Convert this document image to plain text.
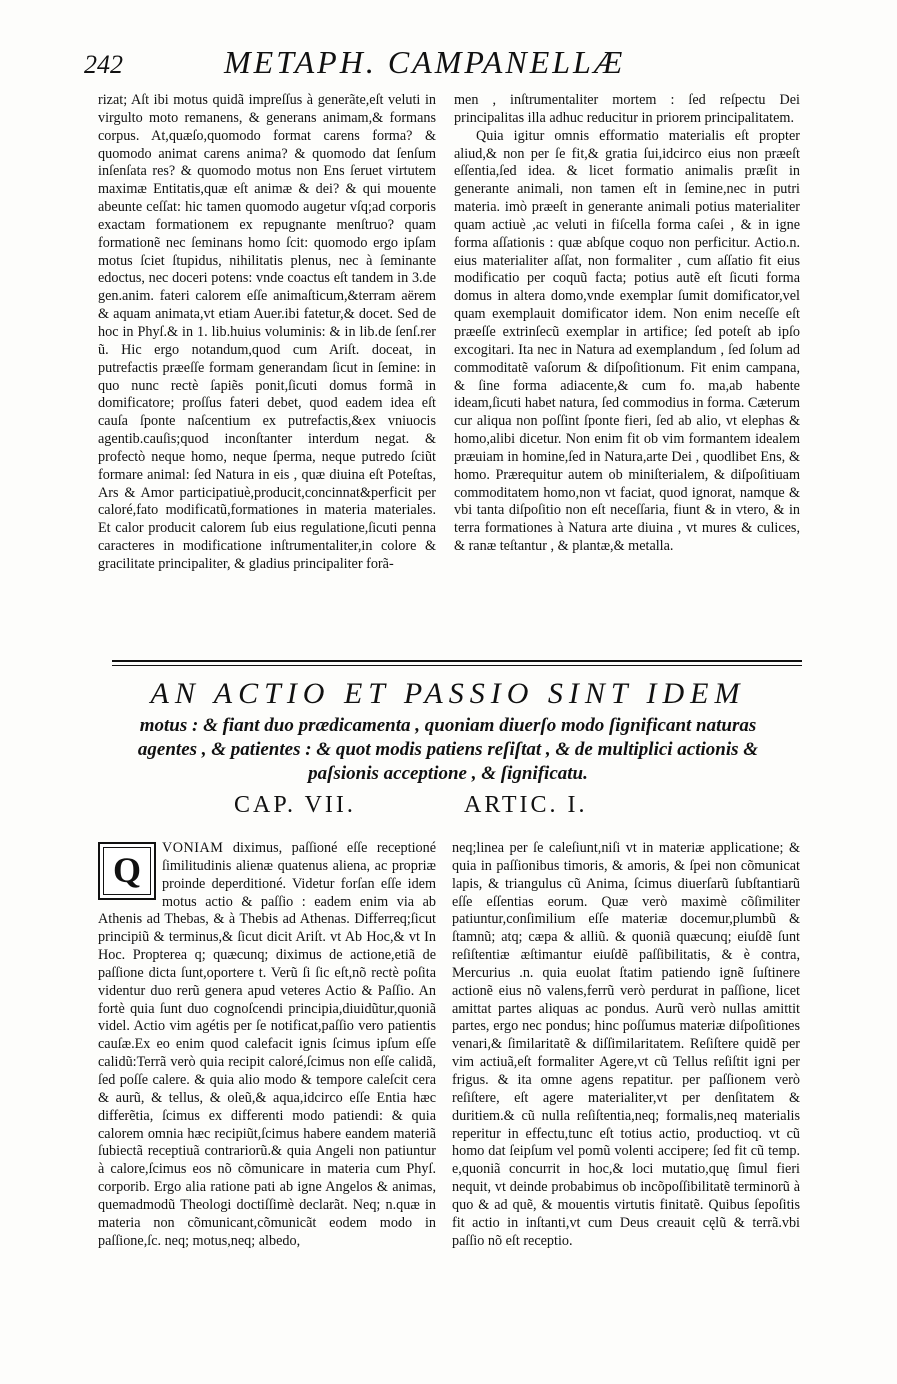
242	METAPH. CAMPANELLÆ

rizat; Aſt ibi motus quidã impreſſus à generãte,eſt veluti in virgulto moto remanens, & generans animam,& formans corpus. At,quæſo,quomodo format carens forma? & quomodo animat carens anima? & quomodo dat ſenſum inſenſata res? & quomodo motus non Ens ſeruet virtutem maximæ Entitatis,quæ eſt animæ & dei? & qui mouente abeunte ceſſat: hic tamen quomodo augetur vſq;ad corporis exactam formationem ex repugnante menſtruo? quam formationẽ nec ſeminans homo ſcit: quomodo ergo ipſam motus ſciet ſtupidus, nihilitatis plenus, nec à ſeminante edoctus, nec doceri potens: vnde coactus eſt tandem in 3.de gen.anim. fateri calorem eſſe animaſticum,&terram aërem & aquam animata,vt etiam Auer.ibi fatetur,& docet. Sed de hoc in Phyſ.& in 1. lib.huius voluminis: & in lib.de ſenſ.rer ũ. Hic ergo notandum,quod cum Ariſt. doceat, in putrefactis præeſſe formam generandam ſicut in ſemine: in quo nunc rectè ſapiẽs ponit,ſicuti domus formã in domificatore; proſſus fateri debet, quod eadem idea eſt cauſa ſponte naſcentium ex putrefactis,&ex vniuocis agentib.cauſis;quod inconſtanter interdum negat. & profectò neque homo, neque ſperma, neque putredo ſciũt formare animal: ſed Natura in eis , quæ diuina eſt Poteſtas, Ars & Amor participatiuè,producit,concinnat&perficit per caloré,fato modificatũ,formationes in materia materiales. Et calor producit calorem ſub eius regulatione,ſicuti penna caracteres in modificatione inſtrumentaliter,in colore & gracilitate principaliter, & gladius principaliter forã-

men , inſtrumentaliter mortem : ſed reſpectu Dei principalitas illa adhuc reducitur in priorem principalitatem.

Quia igitur omnis efformatio materialis eſt propter aliud,& non per ſe fit,& gratia ſui,idcirco eius non præeſt eſſentia,ſed idea. & licet formatio animalis præſit in generante animali, non tamen eſt in ſemine,nec in putri materia. imò præeſt in generante animali potius materialiter quam actiuè ,ac veluti in fiſcella forma caſei , & in igne forma aſſationis : quæ abſque coquo non perficitur. Actio.n. eius materialiter aſſat, non formaliter , cum aſſatio fit eius modificatio per coquũ facta; potius autẽ eſt ſicuti forma domus in altera domo,vnde exemplar ſumit domificator,vel quam exemplauit domificator idem. Non enim neceſſe eſt præeſſe extrinſecũ exemplar in artifice; ſed poteſt ab ipſo excogitari. Ita nec in Natura ad exemplandum , ſed ſolum ad commoditatẽ vaſorum & diſpoſitionum. Fit enim campana, & ſine forma adiacente,& cum fo. ma,ab habente ideam,ſicuti habet natura, ſed commodius in forma. Cæterum cur aliqua non poſſint ſponte fieri, ſed ab alio, vt elephas & homo,alibi dicetur. Non enim fit ob vim formantem idealem præuiam in homine,ſed in Natura,arte Dei , quodlibet Ens, & homo. Prærequitur autem ob miniſterialem, & diſpoſitiuam commoditatem homo,non vt faciat, quod ignorat, namque & vbi tanta diſpoſitio non eſt neceſſaria, fiunt & in vtero, & in terra formationes à Natura arte diuina , vt mures & culices, & ranæ teſtantur , & plantæ,& metalla.

AN ACTIO ET PASSIO SINT IDEM
motus : & fiant duo prædicamenta , quoniam diuerſo modo ſignificant naturas agentes , & patientes : & quot modis patiens reſiſtat , & de multiplici actionis & paſsionis acceptione , & ſignificatu.
CAP. VII.	ARTIC. I.

Q
VONIAM diximus, paſſioné eſſe receptioné ſimilitudinis alienæ quatenus aliena, ac propriæ proinde deperditioné. Videtur forſan eſſe idem motus actio & paſſio : eadem enim via ab Athenis ad Thebas, & à Thebis ad Athenas. Differreq;ſicut principiũ & terminus,& ſicut dicit Ariſt. vt Ab Hoc,& vt In Hoc. Propterea q; quæcunq; diximus de actione,etiã de paſſione dicta ſunt,oportere t. Verũ ſi ſic eſt,nõ rectè poſita videntur duo rerũ genera apud veteres Actio & Paſſio. An fortè quia ſunt duo cognoſcendi principia,diuidũtur,quoniã videl. Actio vim agétis per ſe notificat,paſſio vero patientis cauſæ.Ex eo enim quod calefacit ignis ſcimus ipſum eſſe calidũ:Terrã verò quia recipit caloré,ſcimus non eſſe calidã, ſed poſſe calere. & quia alio modo & tempore caleſcit cera & aurũ, & tellus, & oleũ,& aqua,idcirco eſſe Entia hæc differẽtia, ſcimus ex differenti modo patiendi: & quia calorem omnia hæc recipiũt,ſcimus habere eandem materiã ſubiectã receptiuã contrariorũ.& quia Angeli non patiuntur à calore,ſcimus eos nõ cõmunicare in materia cum Phyſ. corporib. Ergo alia ratione pati ab igne Angelos & animas, quemadmodũ Theologi doctiſſimè declarãt. Neq; n.quæ in materia non cõmunicant,cõmunicãt eodem modo in paſſione,ſc. neq; motus,neq; albedo,

neq;linea per ſe caleſiunt,niſi vt in materiæ applicatione; & quia in paſſionibus timoris, & amoris, & ſpei non cõmunicat lapis, & triangulus cũ Anima, ſcimus diuerſarũ ſubſtantiarũ eſſe eſſentias eorum. Quæ verò maximè cõſimiliter patiuntur,conſimilium eſſe materiæ docemur,plumbũ & ſtamnũ; atq; cæpa & alliũ. & quoniã quæcunq; eiuſdẽ ſunt reſiſtentiæ æſtimantur eiuſdẽ paſſibilitatis, & è contra, Mercurius .n. quia euolat ſtatim patiendo ignẽ ſuſtinere actionẽ eius nõ valens,ferrũ verò perdurat in paſſione, licet amittat partes aliquas ac pondus. Aurũ verò nullas amittit partes, ergo nec pondus; hinc poſſumus materiæ diſpoſitiones venari,& ſimilaritatẽ & diſſimilaritatem. Reſiſtere quidẽ per vim actiuã,eſt formaliter Agere,vt cũ Tellus reſiſtit igni per frigus. & ita omne agens repatitur. per paſſionem verò reſiſtere, eſt agere materialiter,vt per denſitatem & duritiem.& cũ nulla reſiſtentia,neq; formalis,neq materialis reperitur in effectu,tunc eſt totius actio, productioq. vt cũ homo dat ſeipſum vel pomũ volenti accipere; ſed fit cũ temp. e,quoniã concurrit in hoc,& loci mutatio,quę ſimul fieri nequit, vt deinde probabimus ob incõpoſſibilitatẽ terminorũ à quo & ad quẽ, & mouentis virtutis finitatẽ. Quibus ſepoſitis fit actio in inſtanti,vt cum Deus creauit cęlũ & terrã.vbi paſſio nõ eſt receptio.
